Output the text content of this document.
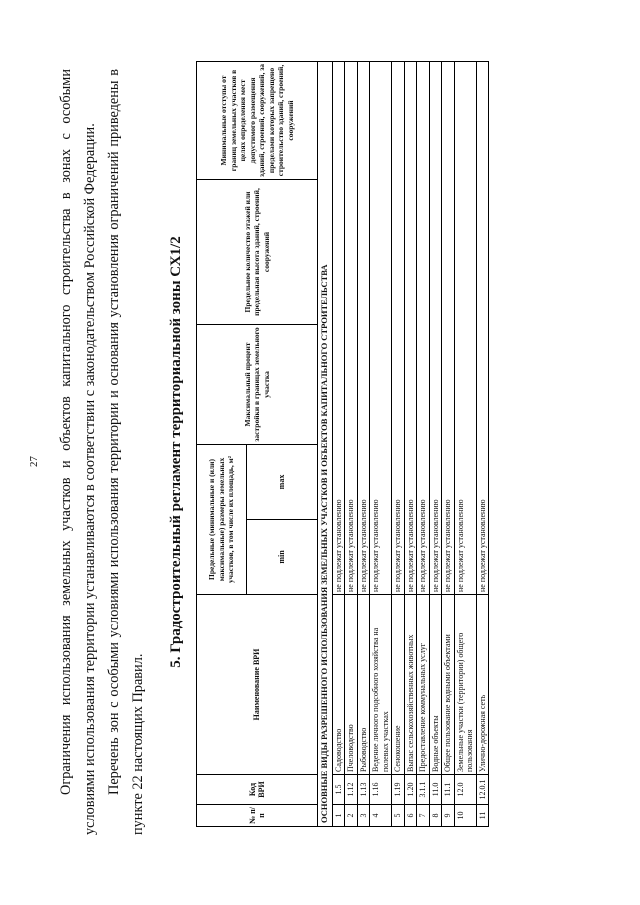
27 Ограничения использования земельных участков и объектов капитального строительства в зонах с особыми условиями использования территории устанавливаются в соответствии с законодательством Российской Федерации. Перечень зон с особыми условиями использования территории и основания установления ограничений приведены в пункте 22 настоящих Правил.

5. Градостроительный регламент территориальной зоны СХ1/2

№ п/п	Код ВРИ	Наименование ВРИ	Предельные (минимальные и (или) максимальные) размеры земельных участков, в том числе их площадь, м²		Максимальный процент застройки в границах земельного участка	Предельное количество этажей или предельная высота зданий, строений, сооружений	Минимальные отступы от границ земельных участков в целях определения мест допустимого размещения зданий, строений, сооружений, за пределами которых запрещено строительство зданий, строений, сооружений
			min	max			
ОСНОВНЫЕ ВИДЫ РАЗРЕШЕННОГО ИСПОЛЬЗОВАНИЯ ЗЕМЕЛЬНЫХ УЧАСТКОВ И ОБЪЕКТОВ КАПИТАЛЬНОГО СТРОИТЕЛЬСТВА							
1	1.5	Садоводство	не подлежат установлению				
2	1.12	Пчеловодство	не подлежат установлению				
3	1.13	Рыбоводство	не подлежат установлению				
4	1.16	Ведение личного подсобного хозяйства на полевых участках	не подлежат установлению				
5	1.19	Сенокошение	не подлежат установлению				
6	1.20	Выпас сельскохозяйственных животных	не подлежат установлению				
7	3.1.1	Предоставление коммунальных услуг	не подлежат установлению				
8	11.0	Водные объекты	не подлежат установлению				
9	11.1	Общее пользование водными объектами	не подлежат установлению				
10	12.0	Земельные участки (территории) общего пользования	не подлежат установлению				
11	12.0.1	Улично-дорожная сеть	не подлежат установлению				
